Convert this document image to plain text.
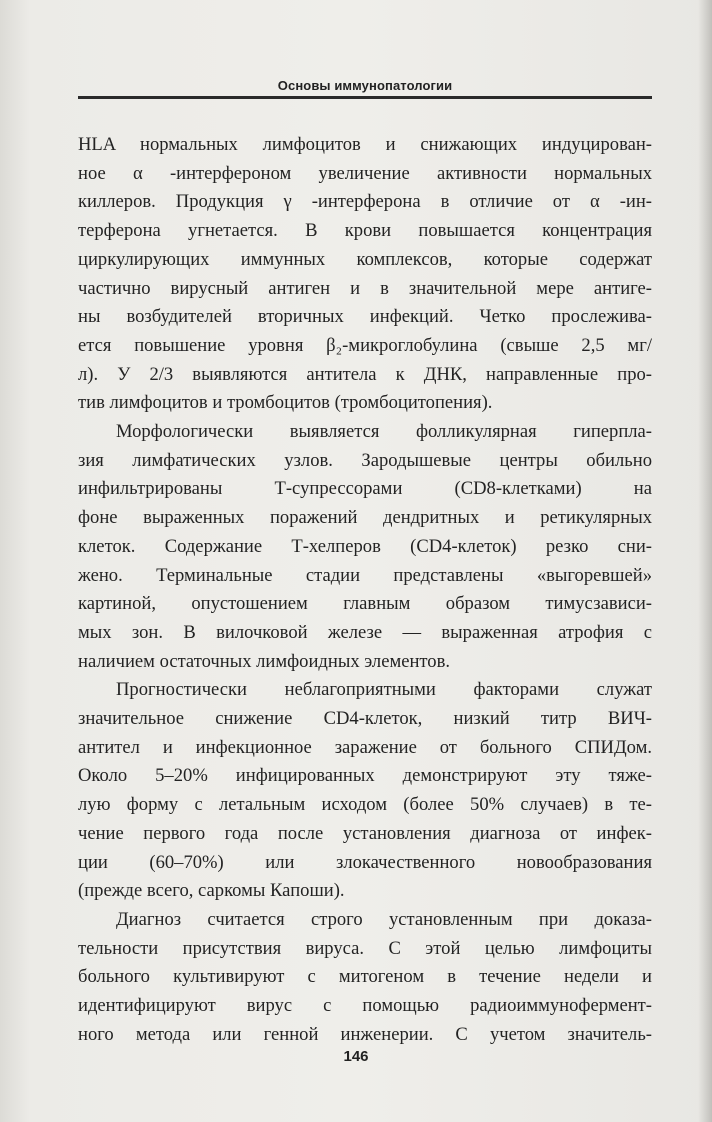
Основы иммунопатологии
HLA нормальных лимфоцитов и снижающих индуцирован-
ное α -интерфероном увеличение активности нормальных
киллеров. Продукция γ -интерферона в отличие от α -ин-
терферона угнетается. В крови повышается концентрация
циркулирующих иммунных комплексов, которые содержат
частично вирусный антиген и в значительной мере антиге-
ны возбудителей вторичных инфекций. Четко прослежива-
ется повышение уровня β₂-микроглобулина (свыше 2,5 мг/
л). У 2/3 выявляются антитела к ДНК, направленные про-
тив лимфоцитов и тромбоцитов (тромбоцитопения).
Морфологически выявляется фолликулярная гиперпла-
зия лимфатических узлов. Зародышевые центры обильно
инфильтрированы Т-супрессорами (CD8-клетками) на
фоне выраженных поражений дендритных и ретикулярных
клеток. Содержание Т-хелперов (CD4-клеток) резко сни-
жено. Терминальные стадии представлены «выгоревшей»
картиной, опустошением главным образом тимусзависи-
мых зон. В вилочковой железе — выраженная атрофия с
наличием остаточных лимфоидных элементов.
Прогностически неблагоприятными факторами служат
значительное снижение CD4-клеток, низкий титр ВИЧ-
антител и инфекционное заражение от больного СПИДом.
Около 5–20% инфицированных демонстрируют эту тяже-
лую форму с летальным исходом (более 50% случаев) в те-
чение первого года после установления диагноза от инфек-
ции (60–70%) или злокачественного новообразования
(прежде всего, саркомы Капоши).
Диагноз считается строго установленным при доказа-
тельности присутствия вируса. С этой целью лимфоциты
больного культивируют с митогеном в течение недели и
идентифицируют вирус с помощью радиоиммунофермент-
ного метода или генной инженерии. С учетом значитель-
146
